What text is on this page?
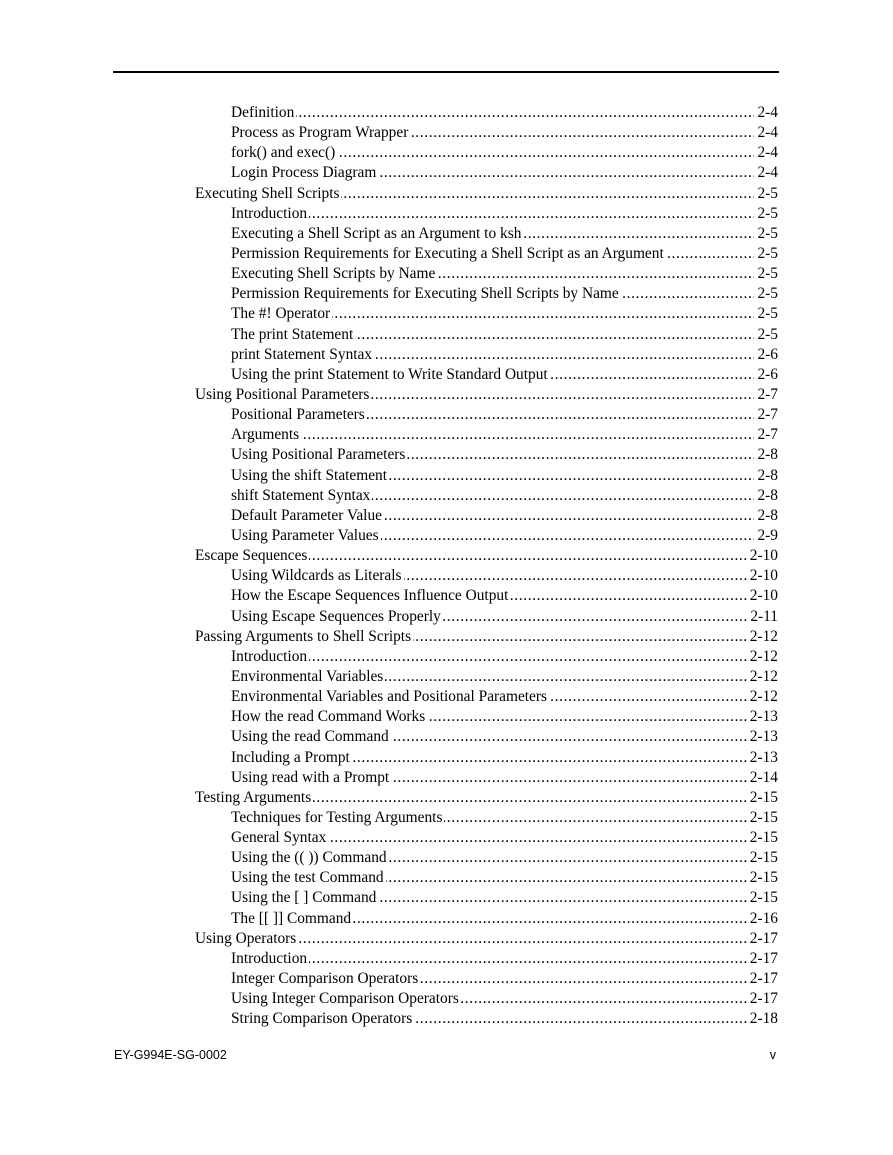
. . . Definition	2-4
. . . Process as Program Wrapper	2-4
. . . fork() and exec()	2-4
. . . Login Process Diagram	2-4
. . . Executing Shell Scripts	2-5
. . . Introduction	2-5
. . . Executing a Shell Script as an Argument to ksh	2-5
. . . Permission Requirements for Executing a Shell Script as an Argument	2-5
. . . Executing Shell Scripts by Name	2-5
. . . Permission Requirements for Executing Shell Scripts by Name	2-5
. . . The #! Operator	2-5
. . . The print Statement	2-5
. . . print Statement Syntax	2-6
. . . Using the print Statement to Write Standard Output	2-6
. . . Using Positional Parameters	2-7
. . . Positional Parameters	2-7
. . . Arguments	2-7
. . . Using Positional Parameters	2-8
. . . Using the shift Statement	2-8
. . . shift Statement Syntax	2-8
. . . Default Parameter Value	2-8
. . . Using Parameter Values	2-9
. . . Escape Sequences	2-10
. . . Using Wildcards as Literals	2-10
. . . How the Escape Sequences Influence Output	2-10
. . . Using Escape Sequences Properly	2-11
. . . Passing Arguments to Shell Scripts	2-12
. . . Introduction	2-12
. . . Environmental Variables	2-12
. . . Environmental Variables and Positional Parameters	2-12
. . . How the read Command Works	2-13
. . . Using the read Command	2-13
. . . Including a Prompt	2-13
. . . Using read with a Prompt	2-14
. . . Testing Arguments	2-15
. . . Techniques for Testing Arguments	2-15
. . . General Syntax	2-15
. . . Using the (( )) Command	2-15
. . . Using the test Command	2-15
. . . Using the [ ] Command	2-15
. . . The [[ ]] Command	2-16
. . . Using Operators	2-17
. . . Introduction	2-17
. . . Integer Comparison Operators	2-17
. . . Using Integer Comparison Operators	2-17
. . . String Comparison Operators	2-18
EY-G994E-SG-0002	v
